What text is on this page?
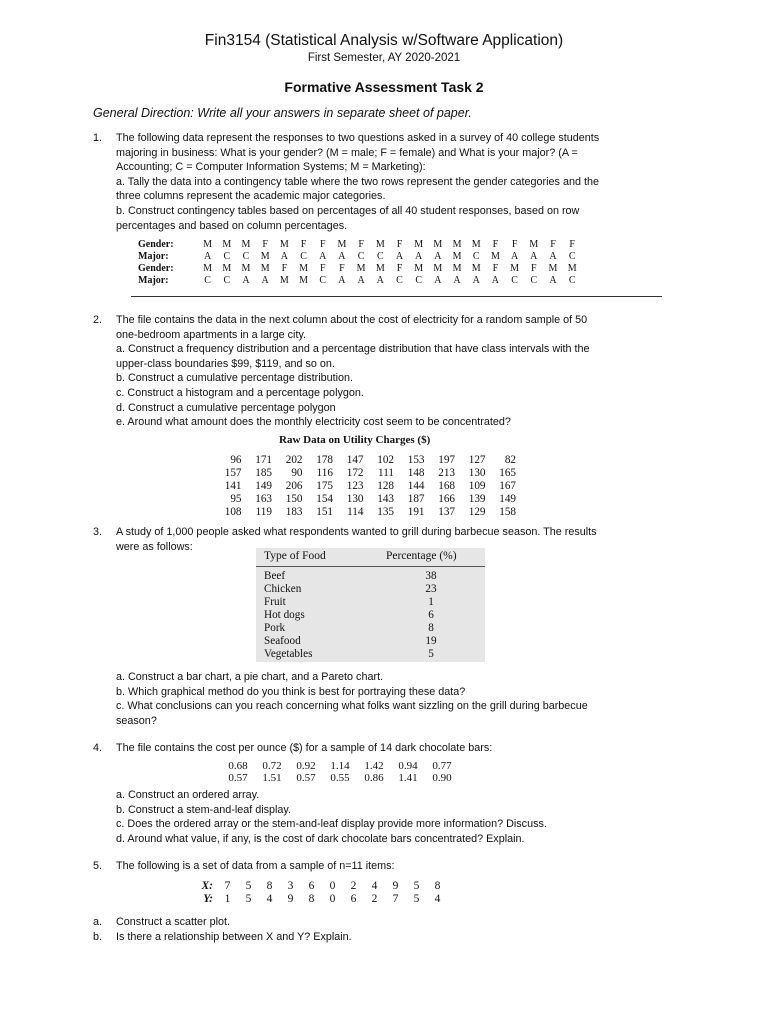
Fin3154 (Statistical Analysis w/Software Application)
First Semester, AY 2020-2021
Formative Assessment Task 2
General Direction: Write all your answers in separate sheet of paper.
1. The following data represent the responses to two questions asked in a survey of 40 college students
majoring in business: What is your gender? (M = male; F = female) and What is your major? (A =
Accounting; C = Computer Information Systems; M = Marketing):
a. Tally the data into a contingency table where the two rows represent the gender categories and the
three columns represent the academic major categories.
b. Construct contingency tables based on percentages of all 40 student responses, based on row
percentages and based on column percentages.
Gender:	M	M	M	F	M	F	F	M	F	M	F	M	M	M	M	F	F	M	F	F
Major:	A	C	C	M	A	C	A	A	C	C	A	A	A	M	C	M	A	A	A	C
Gender:	M	M	M	M	F	M	F	F	M	M	F	M	M	M	M	F	M	F	M	M
Major:	C	C	A	A	M	M	C	A	A	A	C	C	A	A	A	A	C	C	A	C
2. The file contains the data in the next column about the cost of electricity for a random sample of 50
one-bedroom apartments in a large city.
a. Construct a frequency distribution and a percentage distribution that have class intervals with the
upper-class boundaries $99, $119, and so on.
b. Construct a cumulative percentage distribution.
c. Construct a histogram and a percentage polygon.
d. Construct a cumulative percentage polygon
e. Around what amount does the monthly electricity cost seem to be concentrated?
Raw Data on Utility Charges ($)
96	171	202	178	147	102	153	197	127	82
157	185	90	116	172	111	148	213	130	165
141	149	206	175	123	128	144	168	109	167
95	163	150	154	130	143	187	166	139	149
108	119	183	151	114	135	191	137	129	158
3. A study of 1,000 people asked what respondents wanted to grill during barbecue season. The results
were as follows:
Type of Food	Percentage (%)
Beef	38
Chicken	23
Fruit	1
Hot dogs	6
Pork	8
Seafood	19
Vegetables	5
a. Construct a bar chart, a pie chart, and a Pareto chart.
b. Which graphical method do you think is best for portraying these data?
c. What conclusions can you reach concerning what folks want sizzling on the grill during barbecue
season?
4. The file contains the cost per ounce ($) for a sample of 14 dark chocolate bars:
0.68	0.72	0.92	1.14	1.42	0.94	0.77
0.57	1.51	0.57	0.55	0.86	1.41	0.90
a. Construct an ordered array.
b. Construct a stem-and-leaf display.
c. Does the ordered array or the stem-and-leaf display provide more information? Discuss.
d. Around what value, if any, is the cost of dark chocolate bars concentrated? Explain.
5. The following is a set of data from a sample of n=11 items:
X:	7	5	8	3	6	0	2	4	9	5	8
Y:	1	5	4	9	8	0	6	2	7	5	4
a. Construct a scatter plot.
b. Is there a relationship between X and Y? Explain.
